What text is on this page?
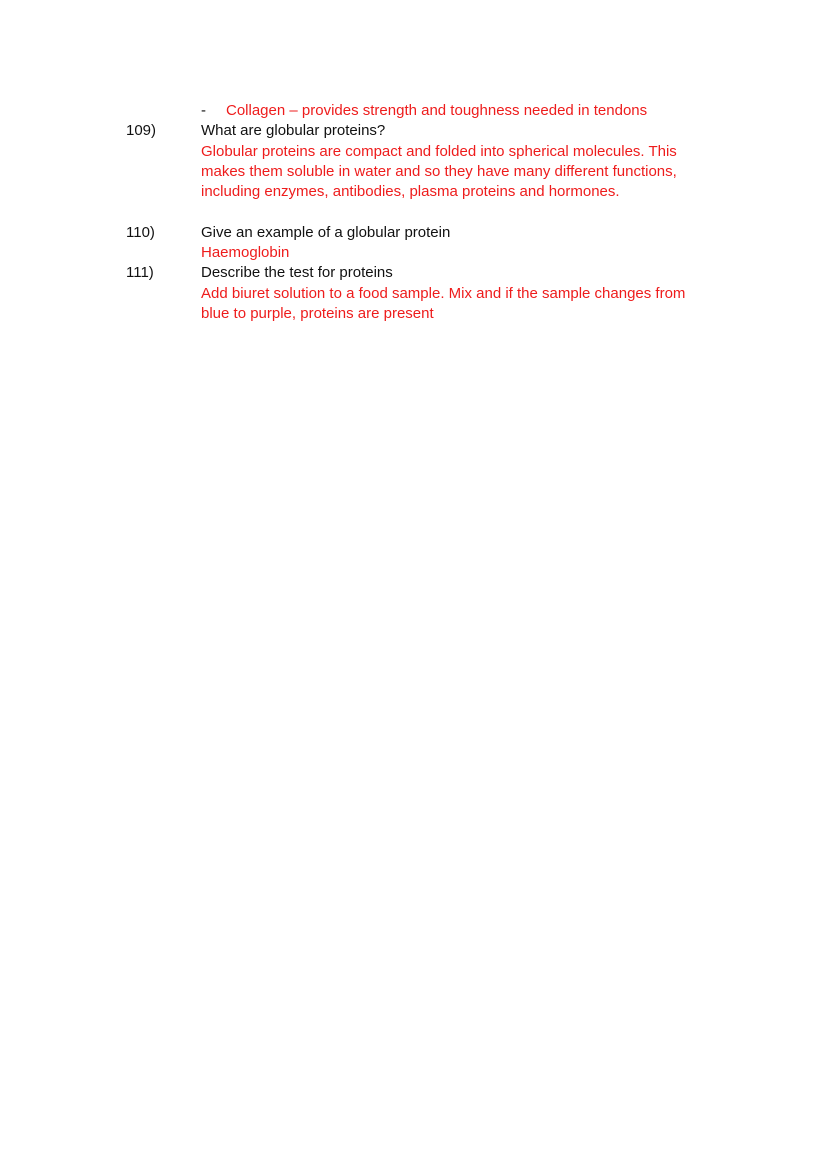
- Collagen – provides strength and toughness needed in tendons
109)	What are globular proteins?
Globular proteins are compact and folded into spherical molecules. This
makes them soluble in water and so they have many different functions,
including enzymes, antibodies, plasma proteins and hormones.
110)	Give an example of a globular protein
Haemoglobin
111)	Describe the test for proteins
Add biuret solution to a food sample. Mix and if the sample changes from
blue to purple, proteins are present
